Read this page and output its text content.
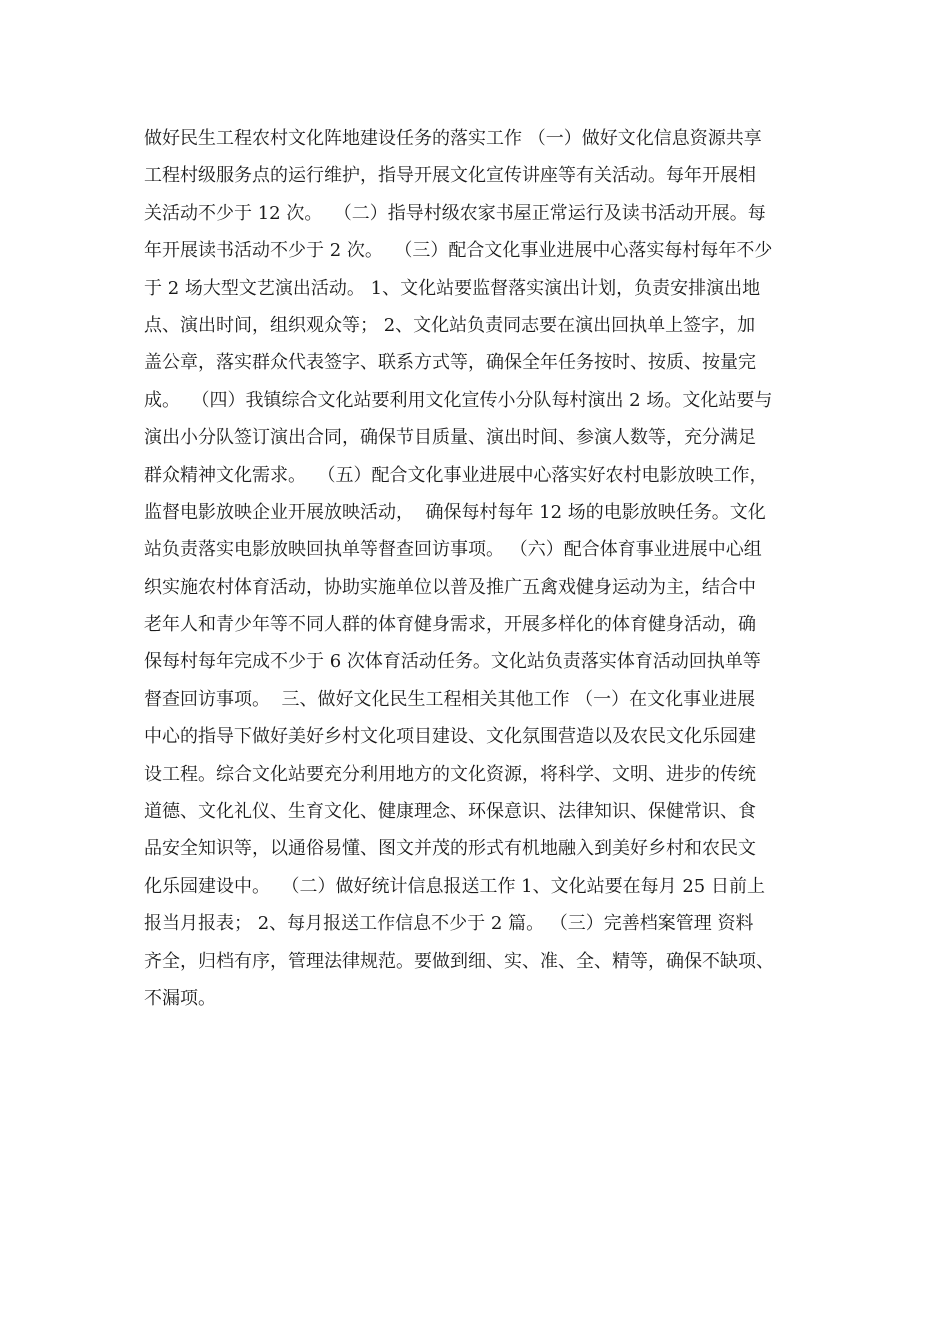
做好民生工程农村文化阵地建设任务的落实工作 （一）做好文化信息资源共享
工程村级服务点的运行维护，指导开展文化宣传讲座等有关活动。每年开展相
关活动不少于 12 次。  （二）指导村级农家书屋正常运行及读书活动开展。每
年开展读书活动不少于 2 次。  （三）配合文化事业进展中心落实每村每年不少
于 2 场大型文艺演出活动。 1、文化站要监督落实演出计划，负责安排演出地
点、演出时间，组织观众等； 2、文化站负责同志要在演出回执单上签字，加
盖公章，落实群众代表签字、联系方式等，确保全年任务按时、按质、按量完
成。  （四）我镇综合文化站要利用文化宣传小分队每村演出 2 场。文化站要与
演出小分队签订演出合同，确保节目质量、演出时间、参演人数等，充分满足
群众精神文化需求。  （五）配合文化事业进展中心落实好农村电影放映工作，
监督电影放映企业开展放映活动，  确保每村每年 12 场的电影放映任务。文化
站负责落实电影放映回执单等督查回访事项。 （六）配合体育事业进展中心组
织实施农村体育活动，协助实施单位以普及推广五禽戏健身运动为主，结合中
老年人和青少年等不同人群的体育健身需求，开展多样化的体育健身活动，确
保每村每年完成不少于 6 次体育活动任务。文化站负责落实体育活动回执单等
督查回访事项。  三、做好文化民生工程相关其他工作 （一）在文化事业进展
中心的指导下做好美好乡村文化项目建设、文化氛围营造以及农民文化乐园建
设工程。综合文化站要充分利用地方的文化资源，将科学、文明、进步的传统
道德、文化礼仪、生育文化、健康理念、环保意识、法律知识、保健常识、食
品安全知识等，以通俗易懂、图文并茂的形式有机地融入到美好乡村和农民文
化乐园建设中。  （二）做好统计信息报送工作 1、文化站要在每月 25 日前上
报当月报表； 2、每月报送工作信息不少于 2 篇。 （三）完善档案管理 资料
齐全，归档有序，管理法律规范。要做到细、实、准、全、精等，确保不缺项、
不漏项。
